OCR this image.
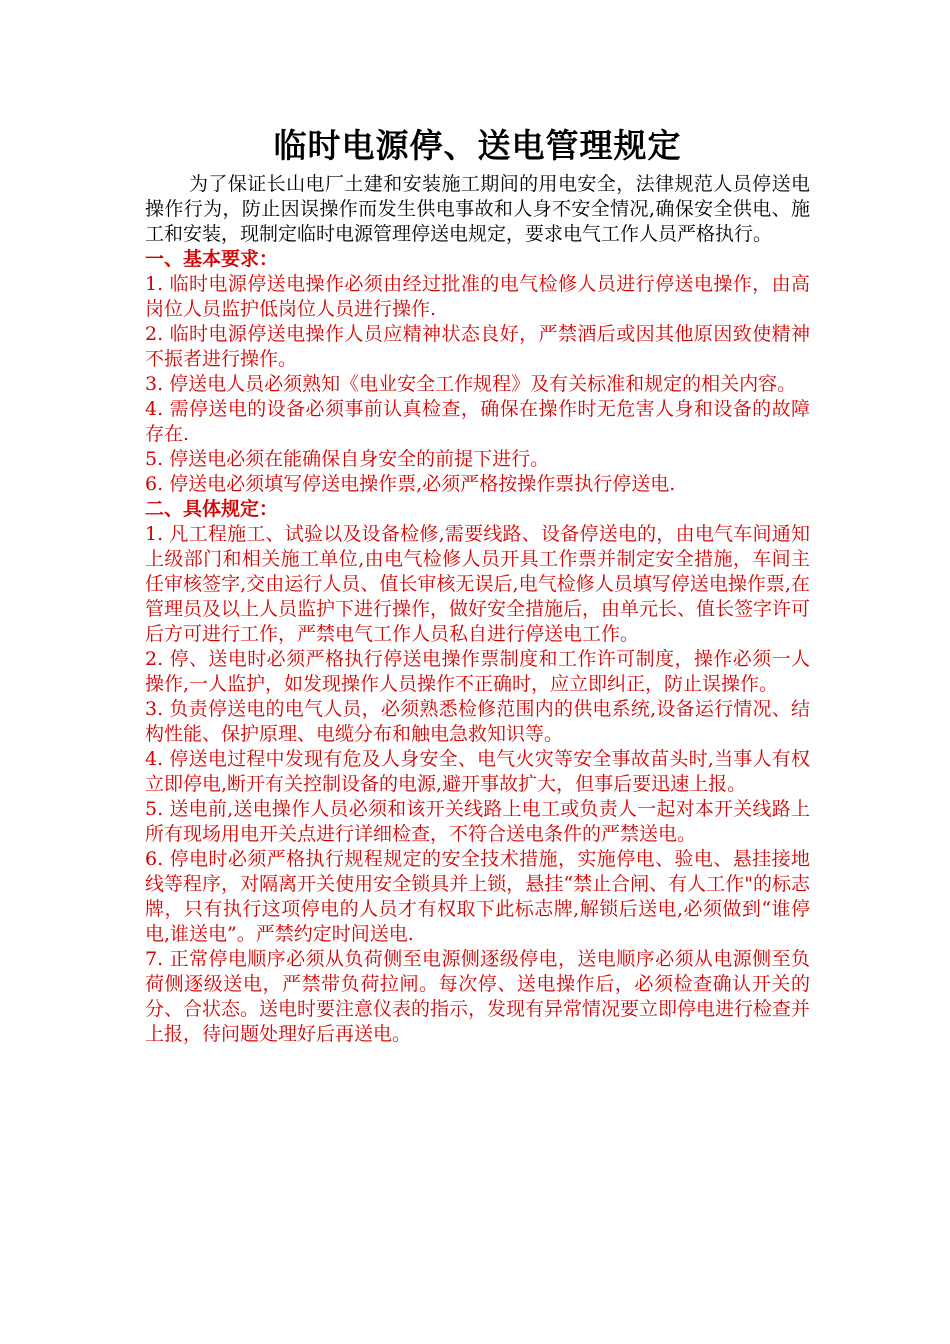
临时电源停、送电管理规定

为了保证长山电厂土建和安装施工期间的用电安全，法律规范人员停送电操作行为，防止因误操作而发生供电事故和人身不安全情况,确保安全供电、施工和安装，现制定临时电源管理停送电规定，要求电气工作人员严格执行。

一、基本要求：

1. 临时电源停送电操作必须由经过批准的电气检修人员进行停送电操作，由高岗位人员监护低岗位人员进行操作.

2. 临时电源停送电操作人员应精神状态良好，严禁酒后或因其他原因致使精神不振者进行操作。

3. 停送电人员必须熟知《电业安全工作规程》及有关标准和规定的相关内容。

4. 需停送电的设备必须事前认真检查，确保在操作时无危害人身和设备的故障存在.

5. 停送电必须在能确保自身安全的前提下进行。

6. 停送电必须填写停送电操作票,必须严格按操作票执行停送电.

二、具体规定：

1. 凡工程施工、试验以及设备检修,需要线路、设备停送电的，由电气车间通知上级部门和相关施工单位,由电气检修人员开具工作票并制定安全措施，车间主任审核签字,交由运行人员、值长审核无误后,电气检修人员填写停送电操作票,在管理员及以上人员监护下进行操作，做好安全措施后，由单元长、值长签字许可后方可进行工作，严禁电气工作人员私自进行停送电工作。

2. 停、送电时必须严格执行停送电操作票制度和工作许可制度，操作必须一人操作,一人监护，如发现操作人员操作不正确时，应立即纠正，防止误操作。

3. 负责停送电的电气人员，必须熟悉检修范围内的供电系统,设备运行情况、结构性能、保护原理、电缆分布和触电急救知识等。

4. 停送电过程中发现有危及人身安全、电气火灾等安全事故苗头时,当事人有权立即停电,断开有关控制设备的电源,避开事故扩大，但事后要迅速上报。

5. 送电前,送电操作人员必须和该开关线路上电工或负责人一起对本开关线路上所有现场用电开关点进行详细检查，不符合送电条件的严禁送电。

6. 停电时必须严格执行规程规定的安全技术措施，实施停电、验电、悬挂接地线等程序，对隔离开关使用安全锁具并上锁，悬挂“禁止合闸、有人工作"的标志牌，只有执行这项停电的人员才有权取下此标志牌,解锁后送电,必须做到“谁停电,谁送电”。严禁约定时间送电.

7. 正常停电顺序必须从负荷侧至电源侧逐级停电，送电顺序必须从电源侧至负荷侧逐级送电，严禁带负荷拉闸。每次停、送电操作后，必须检查确认开关的分、合状态。送电时要注意仪表的指示，发现有异常情况要立即停电进行检查并上报，待问题处理好后再送电。
